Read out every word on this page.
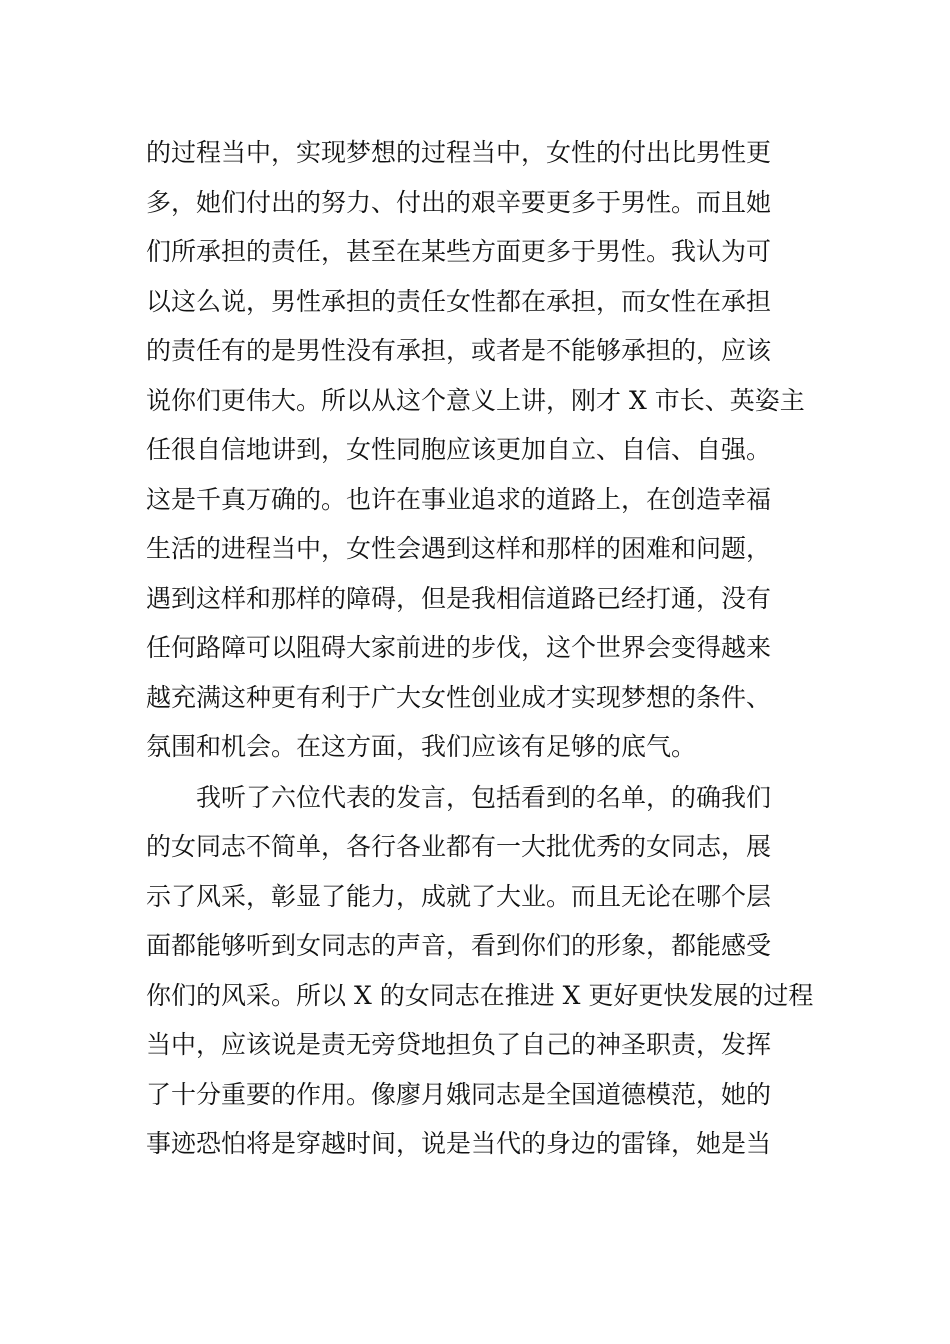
的过程当中，实现梦想的过程当中，女性的付出比男性更
多，她们付出的努力、付出的艰辛要更多于男性。而且她
们所承担的责任，甚至在某些方面更多于男性。我认为可
以这么说，男性承担的责任女性都在承担，而女性在承担
的责任有的是男性没有承担，或者是不能够承担的，应该
说你们更伟大。所以从这个意义上讲，刚才 X 市长、英姿主
任很自信地讲到，女性同胞应该更加自立、自信、自强。
这是千真万确的。也许在事业追求的道路上，在创造幸福
生活的进程当中，女性会遇到这样和那样的困难和问题，
遇到这样和那样的障碍，但是我相信道路已经打通，没有
任何路障可以阻碍大家前进的步伐，这个世界会变得越来
越充满这种更有利于广大女性创业成才实现梦想的条件、
氛围和机会。在这方面，我们应该有足够的底气。
我听了六位代表的发言，包括看到的名单，的确我们
的女同志不简单，各行各业都有一大批优秀的女同志，展
示了风采，彰显了能力，成就了大业。而且无论在哪个层
面都能够听到女同志的声音，看到你们的形象，都能感受
你们的风采。所以 X 的女同志在推进 X 更好更快发展的过程
当中，应该说是责无旁贷地担负了自己的神圣职责，发挥
了十分重要的作用。像廖月娥同志是全国道德模范，她的
事迹恐怕将是穿越时间，说是当代的身边的雷锋，她是当
